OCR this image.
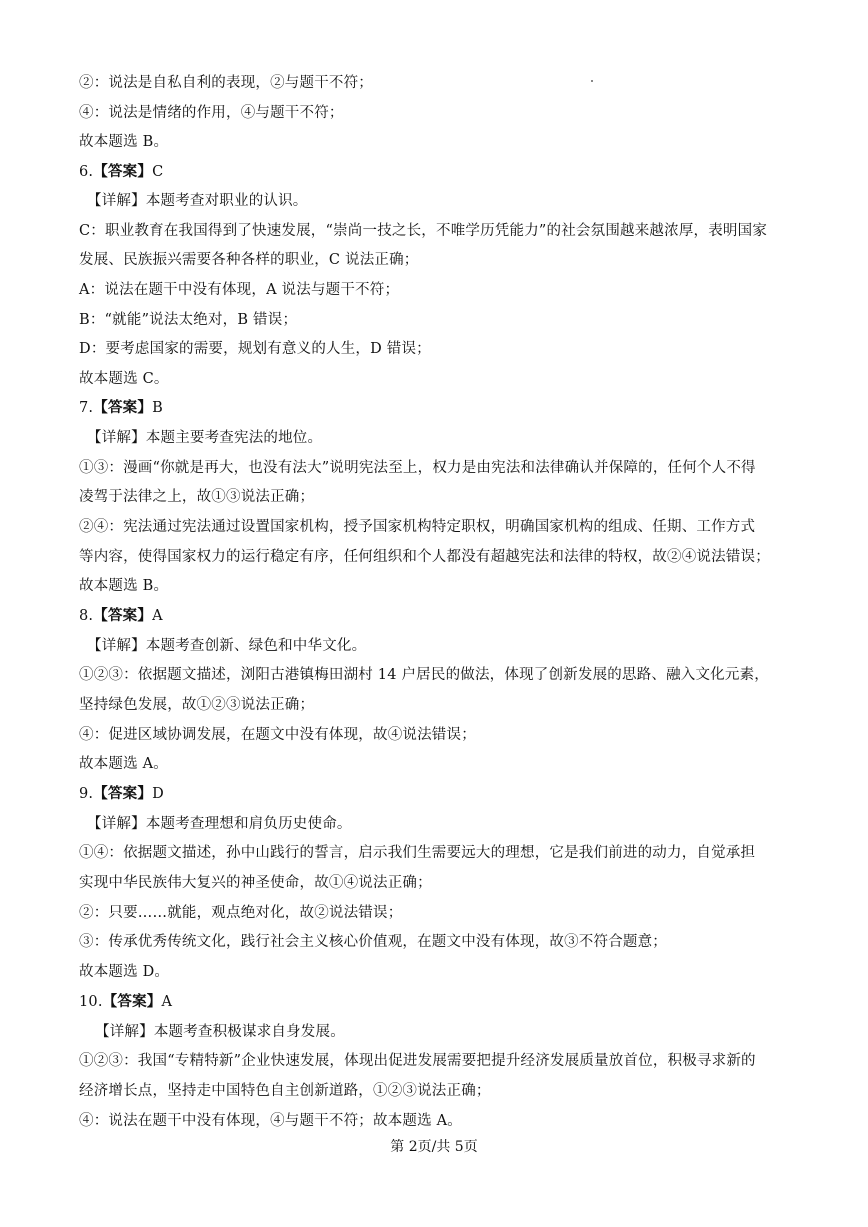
②：说法是自私自利的表现，②与题干不符；
④：说法是情绪的作用，④与题干不符；
故本题选 B。
6.【答案】C
【详解】本题考查对职业的认识。
C：职业教育在我国得到了快速发展，“崇尚一技之长，不唯学历凭能力”的社会氛围越来越浓厚，表明国家
发展、民族振兴需要各种各样的职业，C 说法正确；
A：说法在题干中没有体现，A 说法与题干不符；
B：“就能”说法太绝对，B 错误；
D：要考虑国家的需要，规划有意义的人生，D 错误；
故本题选 C。
7.【答案】B
【详解】本题主要考查宪法的地位。
①③：漫画“你就是再大，也没有法大”说明宪法至上，权力是由宪法和法律确认并保障的，任何个人不得
凌驾于法律之上，故①③说法正确；
②④：宪法通过宪法通过设置国家机构，授予国家机构特定职权，明确国家机构的组成、任期、工作方式
等内容，使得国家权力的运行稳定有序，任何组织和个人都没有超越宪法和法律的特权，故②④说法错误；
故本题选 B。
8.【答案】A
【详解】本题考查创新、绿色和中华文化。
①②③：依据题文描述，浏阳古港镇梅田湖村 14 户居民的做法，体现了创新发展的思路、融入文化元素，
坚持绿色发展，故①②③说法正确；
④：促进区域协调发展，在题文中没有体现，故④说法错误；
故本题选 A。
9.【答案】D
【详解】本题考查理想和肩负历史使命。
①④：依据题文描述，孙中山践行的誓言，启示我们生需要远大的理想，它是我们前进的动力，自觉承担
实现中华民族伟大复兴的神圣使命，故①④说法正确；
②：只要……就能，观点绝对化，故②说法错误；
③：传承优秀传统文化，践行社会主义核心价值观，在题文中没有体现，故③不符合题意；
故本题选 D。
10.【答案】A
【详解】本题考查积极谋求自身发展。
①②③：我国“专精特新”企业快速发展，体现出促进发展需要把提升经济发展质量放首位，积极寻求新的
经济增长点，坚持走中国特色自主创新道路，①②③说法正确；
④：说法在题干中没有体现，④与题干不符；故本题选 A。
第 2页/共 5页
